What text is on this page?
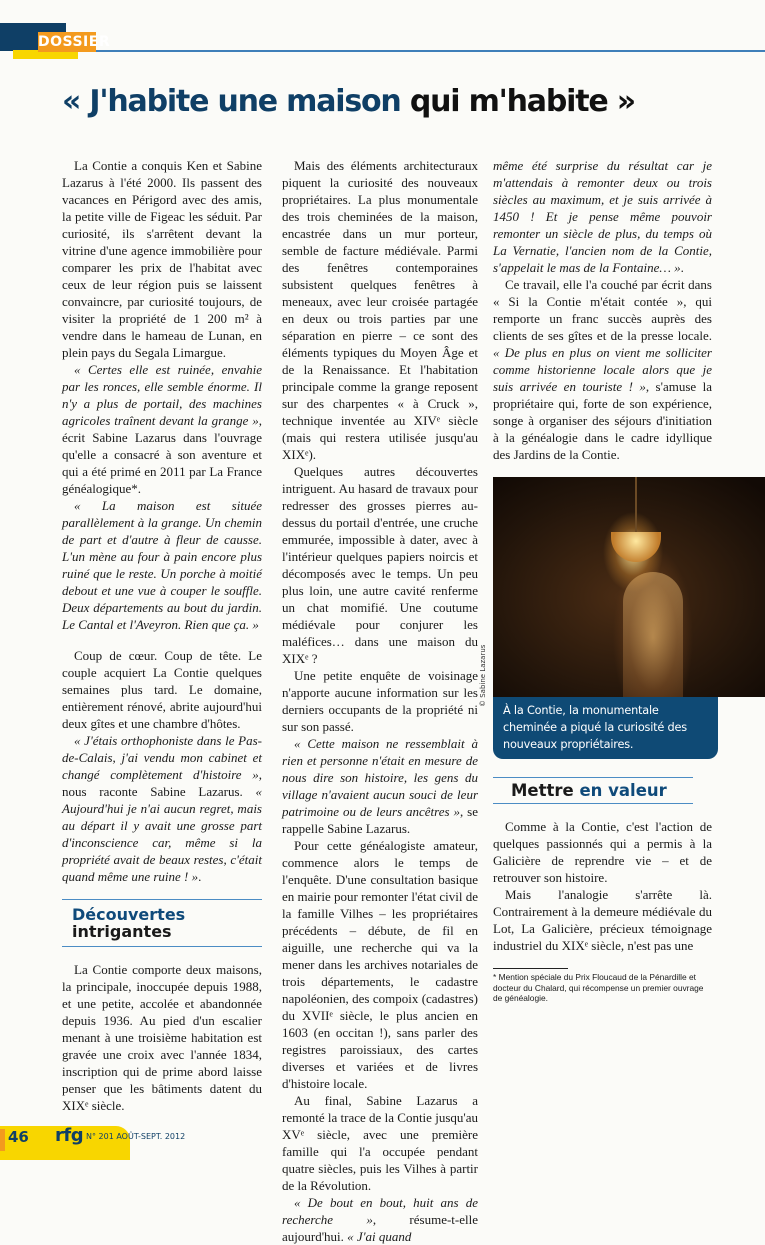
DOSSIER
« J'habite une maison qui m'habite »

La Contie a conquis Ken et Sabine Lazarus à l'été 2000. Ils passent des vacances en Périgord avec des amis, la petite ville de Figeac les séduit. Par curiosité, ils s'arrêtent devant la vitrine d'une agence immobilière pour comparer les prix de l'habitat avec ceux de leur région puis se laissent convaincre, par curiosité toujours, de visiter la propriété de 1 200 m² à vendre dans le hameau de Lunan, en plein pays du Segala Limargue.

« Certes elle est ruinée, envahie par les ronces, elle semble énorme. Il n'y a plus de portail, des machines agricoles traînent devant la grange », écrit Sabine Lazarus dans l'ouvrage qu'elle a consacré à son aventure et qui a été primé en 2011 par La France généalogique*.

« La maison est située parallèlement à la grange. Un chemin de part et d'autre à fleur de causse. L'un mène au four à pain encore plus ruiné que le reste. Un porche à moitié debout et une vue à couper le souffle. Deux départements au bout du jardin. Le Cantal et l'Aveyron. Rien que ça. »

Coup de cœur. Coup de tête. Le couple acquiert La Contie quelques semaines plus tard. Le domaine, entièrement rénové, abrite aujourd'hui deux gîtes et une chambre d'hôtes.

« J'étais orthophoniste dans le Pas-de-Calais, j'ai vendu mon cabinet et changé complètement d'histoire », nous raconte Sabine Lazarus. « Aujourd'hui je n'ai aucun regret, mais au départ il y avait une grosse part d'inconscience car, même si la propriété avait de beaux restes, c'était quand même une ruine ! ».

Découvertes
intrigantes

La Contie comporte deux maisons, la principale, inoccupée depuis 1988, et une petite, accolée et abandonnée depuis 1936. Au pied d'un escalier menant à une troisième habitation est gravée une croix avec l'année 1834, inscription qui de prime abord laisse penser que les bâtiments datent du XIXᵉ siècle.

46 rfg N° 201 AOÛT-SEPT. 2012

Mais des éléments architecturaux piquent la curiosité des nouveaux propriétaires. La plus monumentale des trois cheminées de la maison, encastrée dans un mur porteur, semble de facture médiévale. Parmi des fenêtres contemporaines subsistent quelques fenêtres à meneaux, avec leur croisée partagée en deux ou trois parties par une séparation en pierre – ce sont des éléments typiques du Moyen Âge et de la Renaissance. Et l'habitation principale comme la grange reposent sur des charpentes « à Cruck », technique inventée au XIVᵉ siècle (mais qui restera utilisée jusqu'au XIXᵉ).

Quelques autres découvertes intriguent. Au hasard de travaux pour redresser des grosses pierres au-dessus du portail d'entrée, une cruche emmurée, impossible à dater, avec à l'intérieur quelques papiers noircis et décomposés avec le temps. Un peu plus loin, une autre cavité renferme un chat momifié. Une coutume médiévale pour conjurer les maléfices… dans une maison du XIXᵉ ?

Une petite enquête de voisinage n'apporte aucune information sur les derniers occupants de la propriété ni sur son passé.

« Cette maison ne ressemblait à rien et personne n'était en mesure de nous dire son histoire, les gens du village n'avaient aucun souci de leur patrimoine ou de leurs ancêtres », se rappelle Sabine Lazarus.

Pour cette généalogiste amateur, commence alors le temps de l'enquête. D'une consultation basique en mairie pour remonter l'état civil de la famille Vilhes – les propriétaires précédents – débute, de fil en aiguille, une recherche qui va la mener dans les archives notariales de trois départements, le cadastre napoléonien, des compoix (cadastres) du XVIIᵉ siècle, le plus ancien en 1603 (en occitan !), sans parler des registres paroissiaux, des cartes diverses et variées et de livres d'histoire locale.

Au final, Sabine Lazarus a remonté la trace de la Contie jusqu'au XVᵉ siècle, avec une première famille qui l'a occupée pendant quatre siècles, puis les Vilhes à partir de la Révolution.

« De bout en bout, huit ans de recherche », résume-t-elle aujourd'hui. « J'ai quand

même été surprise du résultat car je m'attendais à remonter deux ou trois siècles au maximum, et je suis arrivée à 1450 ! Et je pense même pouvoir remonter un siècle de plus, du temps où La Vernatie, l'ancien nom de la Contie, s'appelait le mas de la Fontaine… ».

Ce travail, elle l'a couché par écrit dans « Si la Contie m'était contée », qui remporte un franc succès auprès des clients de ses gîtes et de la presse locale. « De plus en plus on vient me solliciter comme historienne locale alors que je suis arrivée en touriste ! », s'amuse la propriétaire qui, forte de son expérience, songe à organiser des séjours d'initiation à la généalogie dans le cadre idyllique des Jardins de la Contie.

© Sabine Lazarus
À la Contie, la monumentale cheminée a piqué la curiosité des nouveaux propriétaires.
Mettre en valeur

Comme à la Contie, c'est l'action de quelques passionnés qui a permis à la Galicière de reprendre vie – et de retrouver son histoire.

Mais l'analogie s'arrête là. Contrairement à la demeure médiévale du Lot, La Galicière, précieux témoignage industriel du XIXᵉ siècle, n'est pas une

* Mention spéciale du Prix Floucaud de la Pénardille et docteur du Chalard, qui récompense un premier ouvrage de généalogie.
